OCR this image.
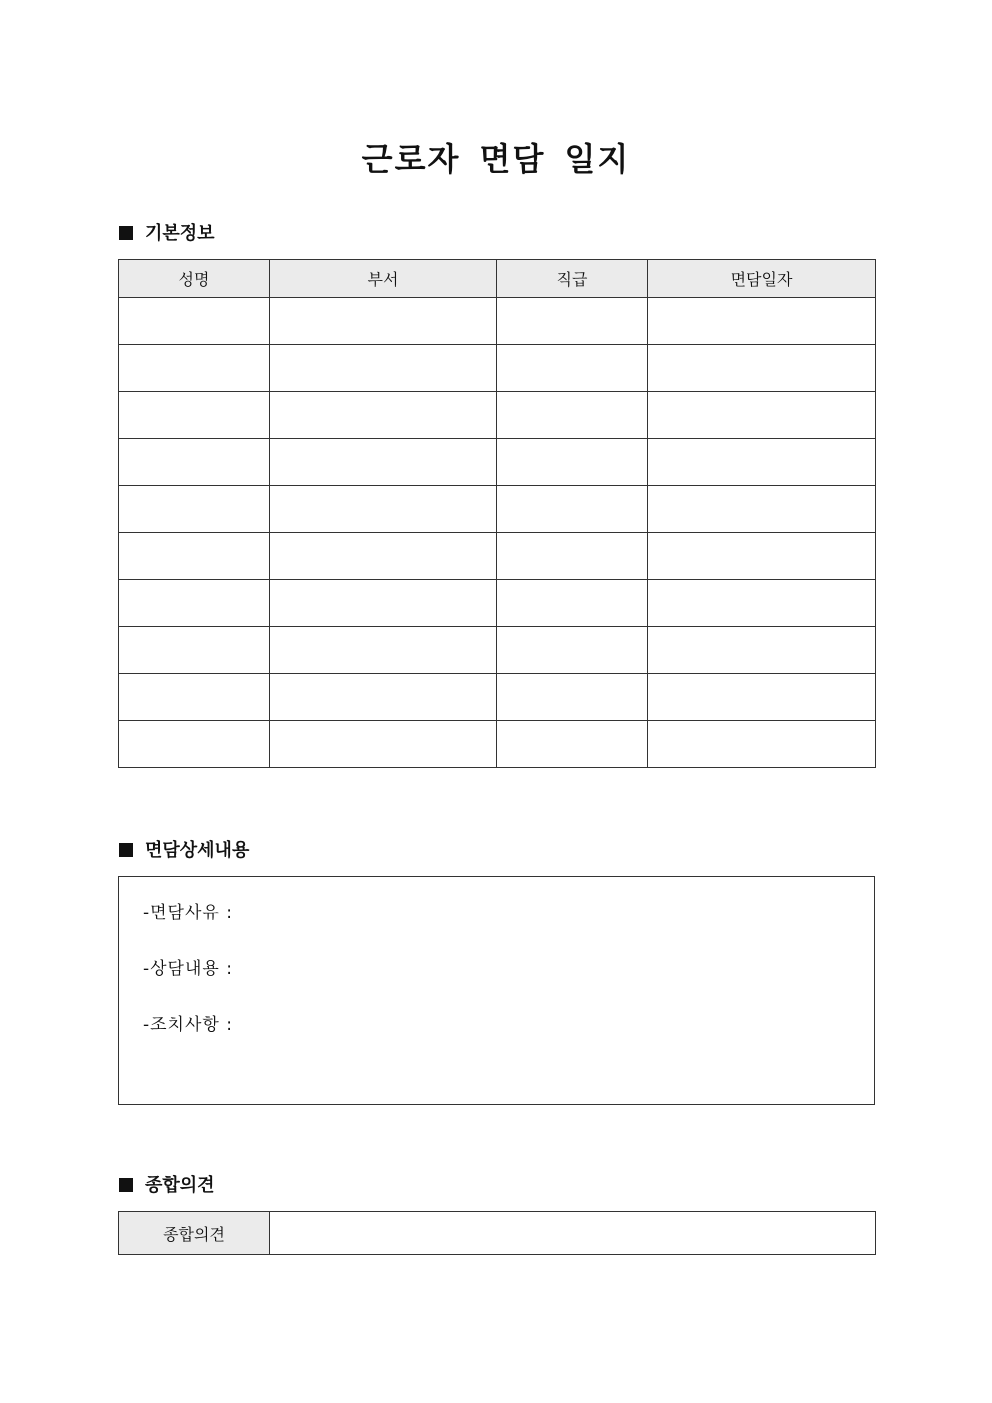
근로자 면담 일지
기본정보
성명	부서	직급	면담일자

면담상세내용
-면담사유 :
-상담내용 :
-조치사항 :
종합의견
종합의견	
